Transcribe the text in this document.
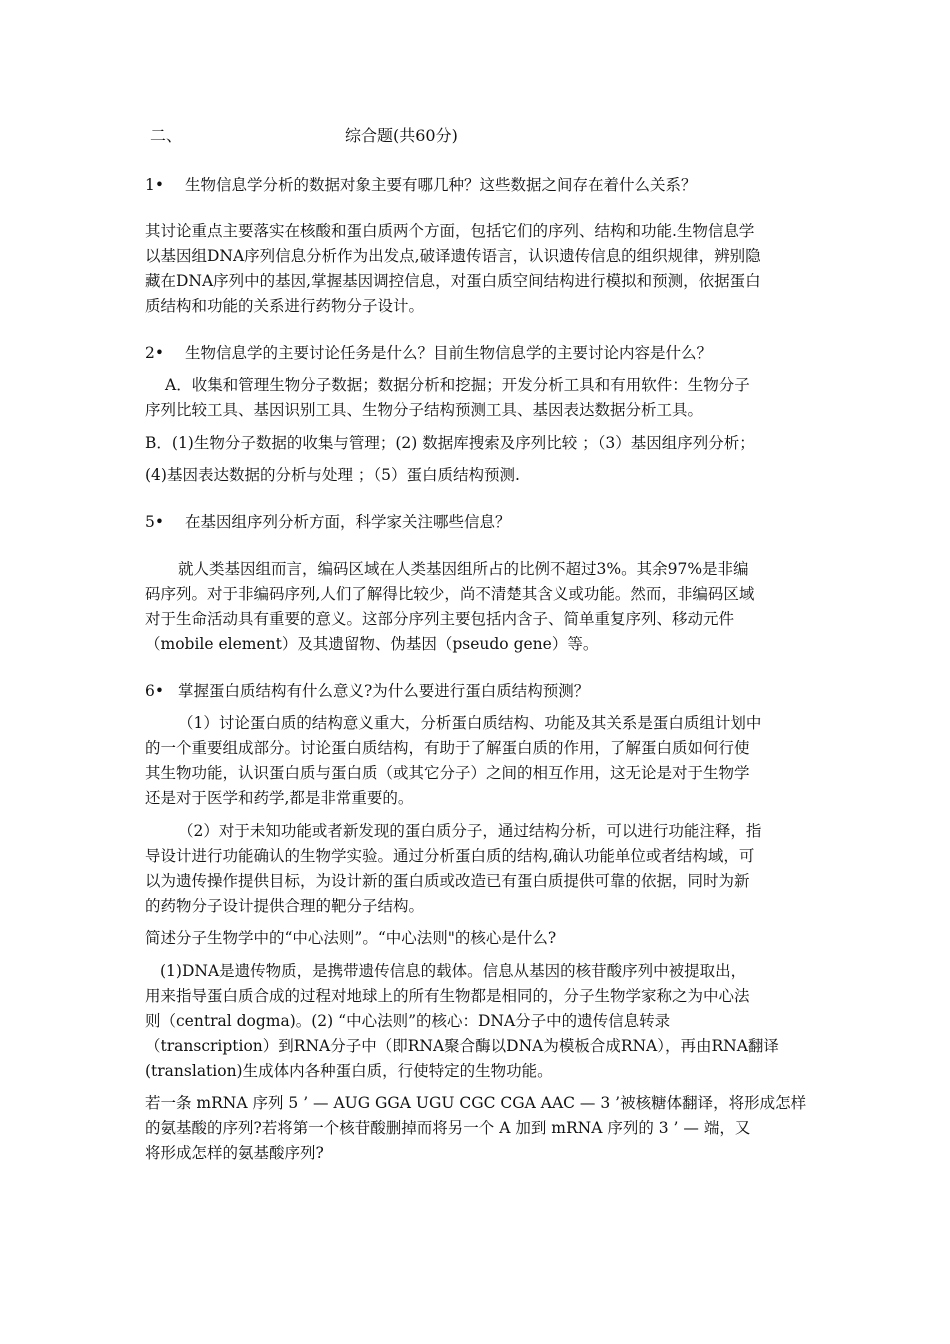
二、	综合题(共60分)
1• 生物信息学分析的数据对象主要有哪几种？这些数据之间存在着什么关系？
其讨论重点主要落实在核酸和蛋白质两个方面，包括它们的序列、结构和功能.生物信息学
以基因组DNA序列信息分析作为出发点,破译遗传语言，认识遗传信息的组织规律，辨别隐
藏在DNA序列中的基因,掌握基因调控信息，对蛋白质空间结构进行模拟和预测，依据蛋白
质结构和功能的关系进行药物分子设计。
2• 生物信息学的主要讨论任务是什么？目前生物信息学的主要讨论内容是什么？
A．收集和管理生物分子数据；数据分析和挖掘；开发分析工具和有用软件：生物分子
序列比较工具、基因识别工具、生物分子结构预测工具、基因表达数据分析工具。
B．(1)生物分子数据的收集与管理；(2) 数据库搜索及序列比较 ；（3）基因组序列分析；
(4)基因表达数据的分析与处理 ；（5）蛋白质结构预测.
5• 在基因组序列分析方面，科学家关注哪些信息？
就人类基因组而言，编码区域在人类基因组所占的比例不超过3%。其余97%是非编
码序列。对于非编码序列,人们了解得比较少，尚不清楚其含义或功能。然而，非编码区域
对于生命活动具有重要的意义。这部分序列主要包括内含子、简单重复序列、移动元件
（mobile element）及其遗留物、伪基因（pseudo gene）等。
6• 掌握蛋白质结构有什么意义?为什么要进行蛋白质结构预测？
（1）讨论蛋白质的结构意义重大，分析蛋白质结构、功能及其关系是蛋白质组计划中
的一个重要组成部分。讨论蛋白质结构，有助于了解蛋白质的作用，了解蛋白质如何行使
其生物功能，认识蛋白质与蛋白质（或其它分子）之间的相互作用，这无论是对于生物学
还是对于医学和药学,都是非常重要的。
（2）对于未知功能或者新发现的蛋白质分子，通过结构分析，可以进行功能注释，指
导设计进行功能确认的生物学实验。通过分析蛋白质的结构,确认功能单位或者结构域，可
以为遗传操作提供目标，为设计新的蛋白质或改造已有蛋白质提供可靠的依据，同时为新
的药物分子设计提供合理的靶分子结构。
简述分子生物学中的“中心法则”。“中心法则"的核心是什么?
(1)DNA是遗传物质，是携带遗传信息的载体。信息从基因的核苷酸序列中被提取出，
用来指导蛋白质合成的过程对地球上的所有生物都是相同的，分子生物学家称之为中心法
则（central dogma)。(2) “中心法则”的核心：DNA分子中的遗传信息转录
（transcription）到RNA分子中（即RNA聚合酶以DNA为模板合成RNA），再由RNA翻译
(translation)生成体内各种蛋白质，行使特定的生物功能。
若一条 mRNA 序列 5 ’ — AUG GGA UGU CGC CGA AAC — 3 ’被核糖体翻译，将形成怎样
的氨基酸的序列?若将第一个核苷酸删掉而将另一个 A 加到 mRNA 序列的 3 ’ — 端，又
将形成怎样的氨基酸序列?
